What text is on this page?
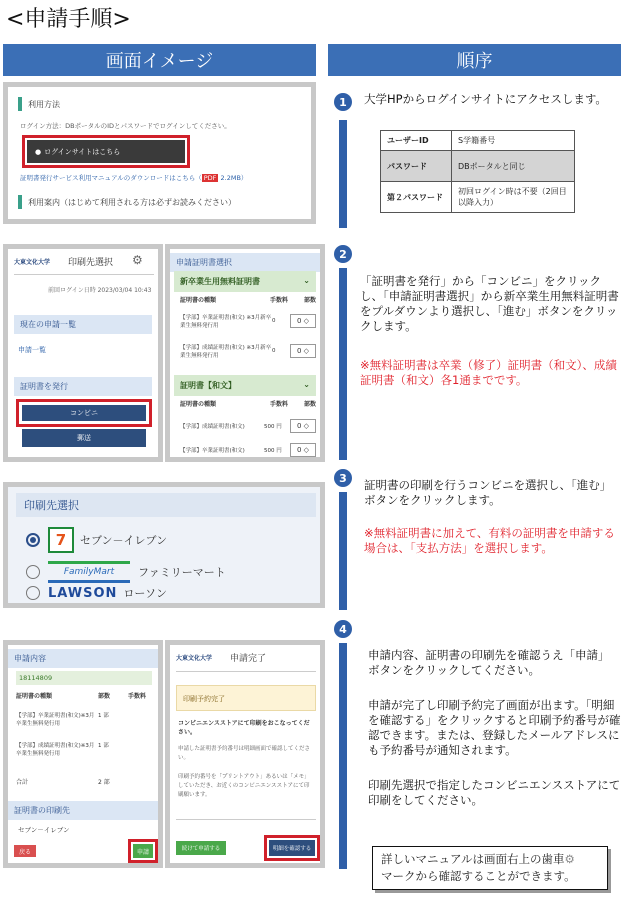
<申請手順>
画面イメージ	順序
利用方法
ログイン方法：DBポータルのIDとパスワードでログインしてください。
● ログインサイトはこちら
証明書発行サービス利用マニュアルのダウンロードはこちら（ PDF 2.2MB）
利用案内（はじめて利用される方は必ずお読みください）
大東文化大学 印刷先選択 ⚙
前回ログイン日時 2023/03/04 10:43
現在の申請一覧
申請一覧
証明書を発行
コンビニ
郵送
申請証明書選択
新卒業生用無料証明書	⌄
証明書の種類	手数料	部数
【学部】卒業証明書(和文) ※3月新卒業生無料発行用
0	0 ◇
【学部】成績証明書(和文) ※3月新卒業生無料発行用
0	0 ◇
証明書【和文】	⌄
証明書の種類	手数料	部数
【学部】成績証明書(和文)	500 円	0 ◇
【学部】卒業証明書(和文)	500 円	0 ◇
印刷先選択
7	セブン－イレブン
FamilyMart	ファミリーマート
LAWSON ローソン
申請内容
18114809
証明書の種類	部数	手数料
【学部】卒業証明書(和文)※3月卒業生無料発行用
1 部
【学部】成績証明書(和文)※3月卒業生無料発行用
1 部
合計	2 部
証明書の印刷先
セブン－イレブン
戻る	申請
大東文化大学 申請完了
印刷予約完了
コンビニエンスストアにて印刷をおこなってください。
申請した証明書予約番号は明細画面で確認してください。
印刷予約番号を「プリントアウト」あるいは「メモ」していただき、お近くのコンビニエンスストアにて印刷願います。
続けて申請する	明細を確認する
1	大学HPからログインサイトにアクセスします。
ユーザーID	S学籍番号
パスワード	DBポータルと同じ
第２パスワード	初回ログイン時は不要（2回目以降入力）
2
「証明書を発行」から「コンビニ」をクリックし、「申請証明書選択」から新卒業生用無料証明書をプルダウンより選択し、「進む」ボタンをクリックします。
※無料証明書は卒業（修了）証明書（和文）、成績証明書（和文）各1通までです。
3	証明書の印刷を行うコンビニを選択し、「進む」ボタンをクリックします。
※無料証明書に加えて、有料の証明書を申請する場合は、「支払方法」を選択します。
4
申請内容、証明書の印刷先を確認うえ「申請」ボタンをクリックしてください。
申請が完了し印刷予約完了画面が出ます。「明細を確認する」をクリックすると印刷予約番号が確認できます。または、登録したメールアドレスにも予約番号が通知されます。
印刷先選択で指定したコンビニエンスストアにて印刷をしてください。
詳しいマニュアルは画面右上の歯車⚙
マークから確認することができます。
